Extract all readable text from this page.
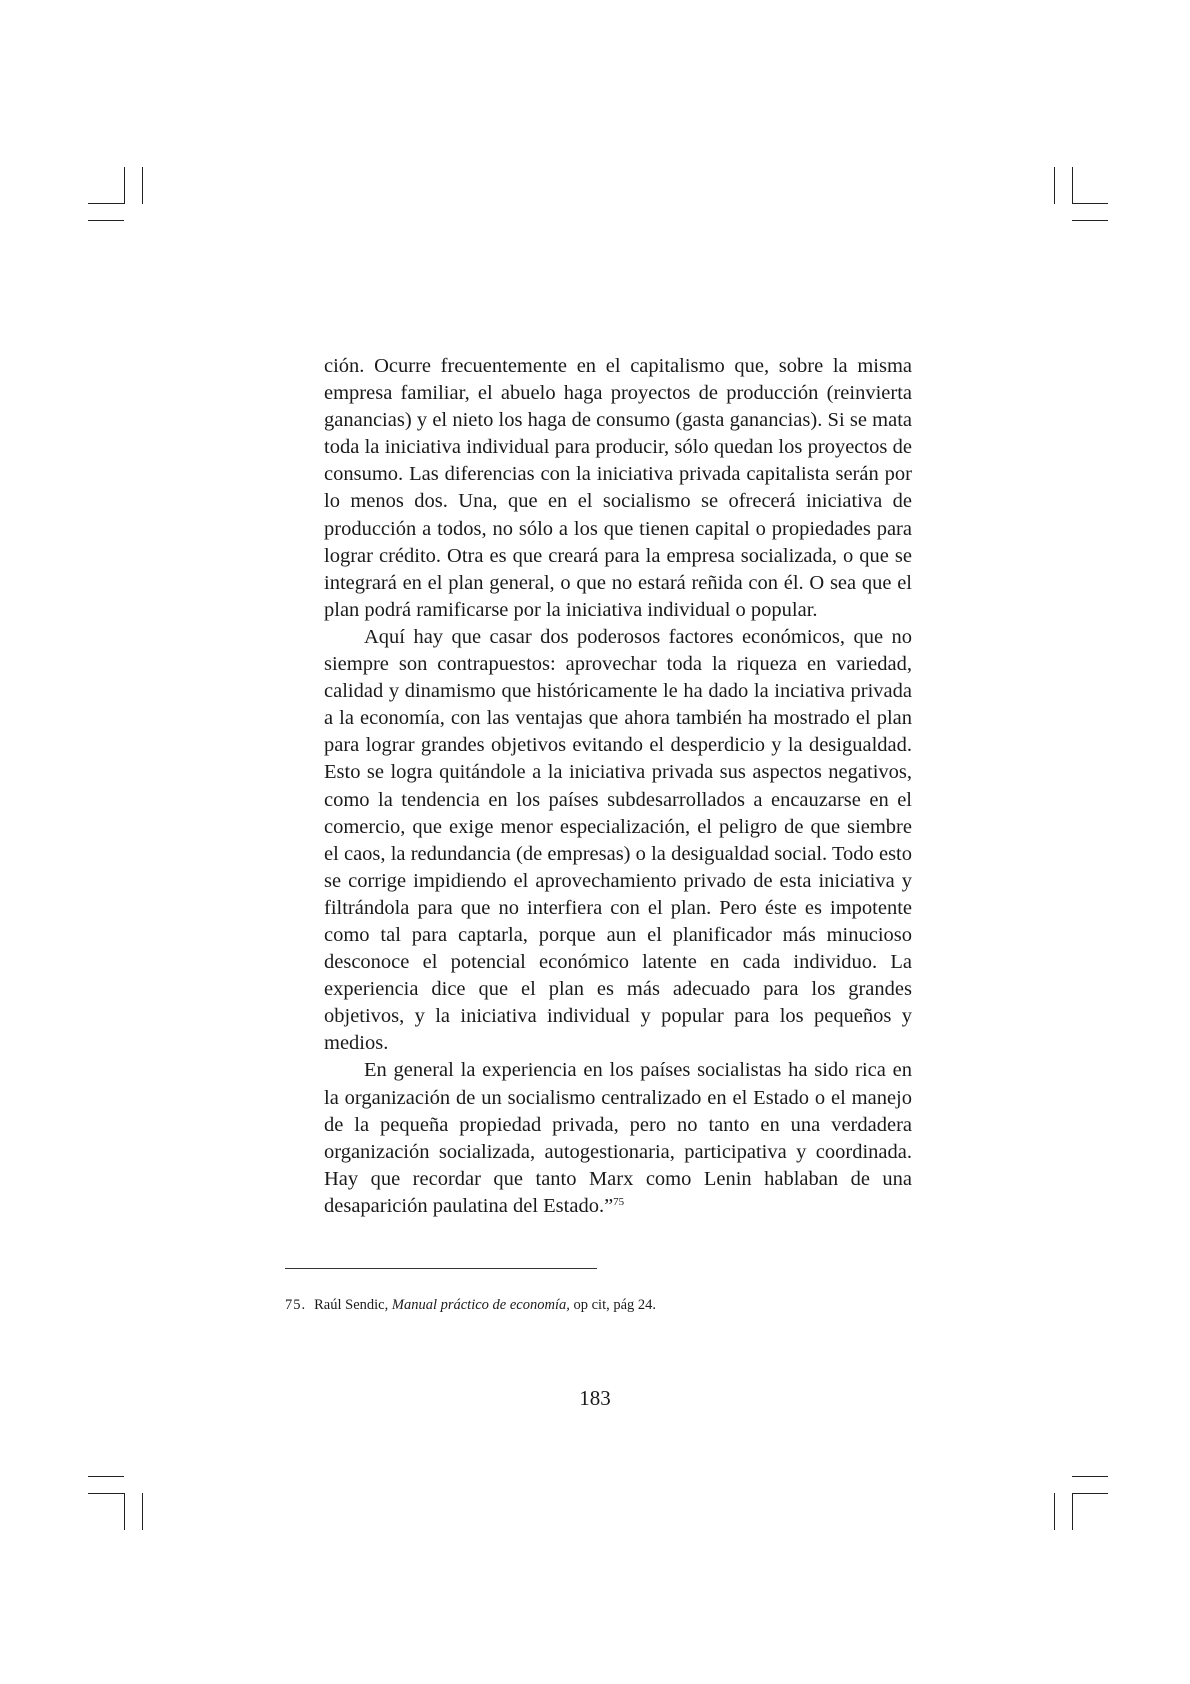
ción. Ocurre frecuentemente en el capitalismo que, sobre la misma empresa familiar, el abuelo haga proyectos de producción (reinvierta ganancias) y el nieto los haga de consumo (gasta ganancias). Si se mata toda la iniciativa individual para producir, sólo quedan los proyectos de consumo. Las diferencias con la iniciativa privada capitalista serán por lo menos dos. Una, que en el socialismo se ofrecerá iniciativa de producción a todos, no sólo a los que tienen capital o propiedades para lograr crédito. Otra es que creará para la empresa socializada, o que se integrará en el plan general, o que no estará reñida con él. O sea que el plan podrá ramificarse por la iniciativa individual o popular.

Aquí hay que casar dos poderosos factores económicos, que no siempre son contrapuestos: aprovechar toda la riqueza en variedad, calidad y dinamismo que históricamente le ha dado la inciativa privada a la economía, con las ventajas que ahora también ha mostrado el plan para lograr grandes objetivos evitando el desperdicio y la desigualdad. Esto se logra quitándole a la iniciativa privada sus aspectos negativos, como la tendencia en los países subdesarrollados a encauzarse en el comercio, que exige menor especialización, el peligro de que siembre el caos, la redundancia (de empresas) o la desigualdad social. Todo esto se corrige impidiendo el aprovechamiento privado de esta iniciativa y filtrándola para que no interfiera con el plan. Pero éste es impotente como tal para captarla, porque aun el planificador más minucioso desconoce el potencial económico latente en cada individuo. La experiencia dice que el plan es más adecuado para los grandes objetivos, y la iniciativa individual y popular para los pequeños y medios.

En general la experiencia en los países socialistas ha sido rica en la organización de un socialismo centralizado en el Estado o el manejo de la pequeña propiedad privada, pero no tanto en una verdadera organización socializada, autogestionaria, participativa y coordinada. Hay que recordar que tanto Marx como Lenin hablaban de una desaparición paulatina del Estado.”$^{75}$

75. Raúl Sendic, Manual práctico de economía, op cit, pág 24.
183
